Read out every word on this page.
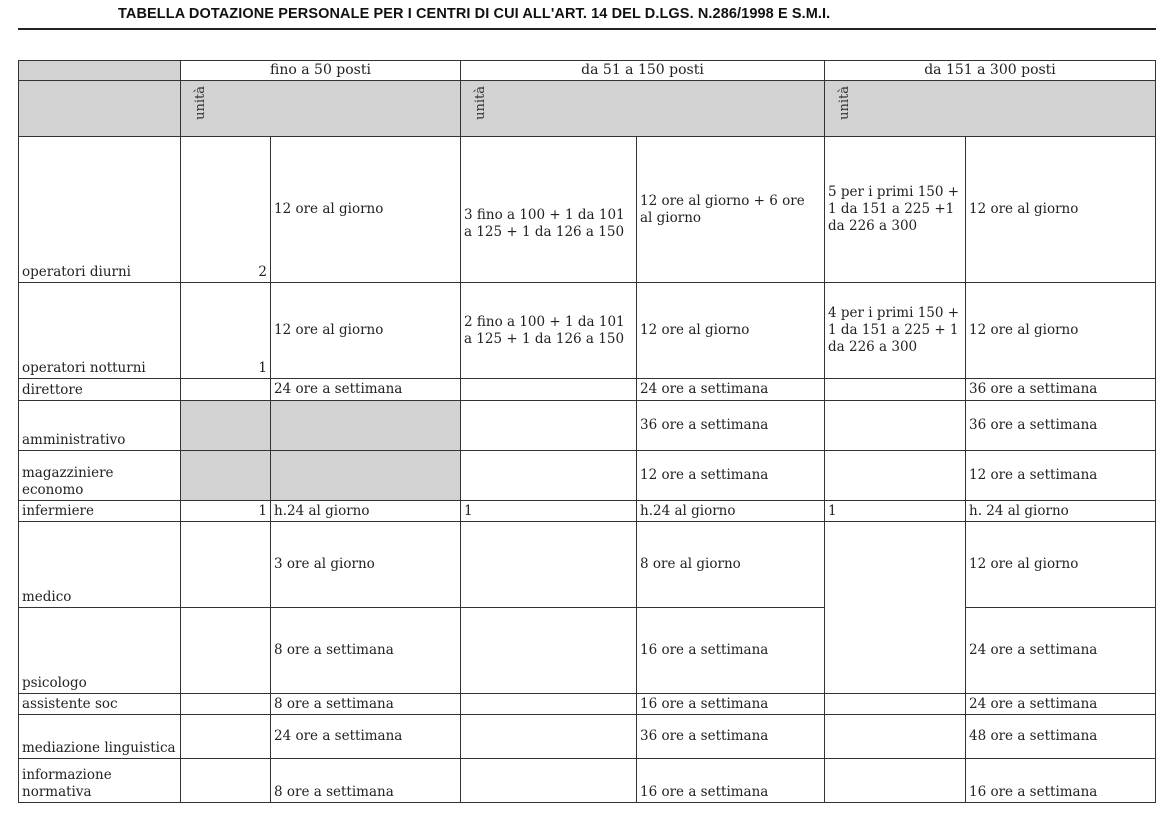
TABELLA DOTAZIONE PERSONALE PER I CENTRI DI CUI ALL'ART. 14 DEL D.LGS. N.286/1998 E S.M.I.
	fino a 50 posti		da 51 a 150 posti		da 151 a 300 posti	

	unità		unità		unità	

operatori diurni	2	12 ore al giorno	3 fino a 100 + 1 da 101 a 125 + 1 da 126 a 150	12 ore al giorno + 6 ore al giorno	5 per i primi 150 + 1 da 151 a 225 +1 da 226 a 300	12 ore al giorno
operatori notturni	1	12 ore al giorno	2 fino a 100 + 1 da 101 a 125 + 1 da 126 a 150	12 ore al giorno	4 per i primi 150 + 1 da 151 a 225 + 1 da 226 a 300	12 ore al giorno
direttore		24 ore a settimana		24 ore a settimana		36 ore a settimana
amministrativo				36 ore a settimana		36 ore a settimana
magazziniere economo				12 ore a settimana		12 ore a settimana
infermiere	1	h.24 al giorno	1	h.24 al giorno	1	h. 24 al giorno
medico		3 ore al giorno		8 ore al giorno		12 ore al giorno
psicologo		8 ore a settimana		16 ore a settimana		24 ore a settimana
assistente soc		8 ore a settimana		16 ore a settimana		24 ore a settimana
mediazione linguistica		24 ore a settimana		36 ore a settimana		48 ore a settimana
informazione normativa		8 ore a settimana		16 ore a settimana		16 ore a settimana
